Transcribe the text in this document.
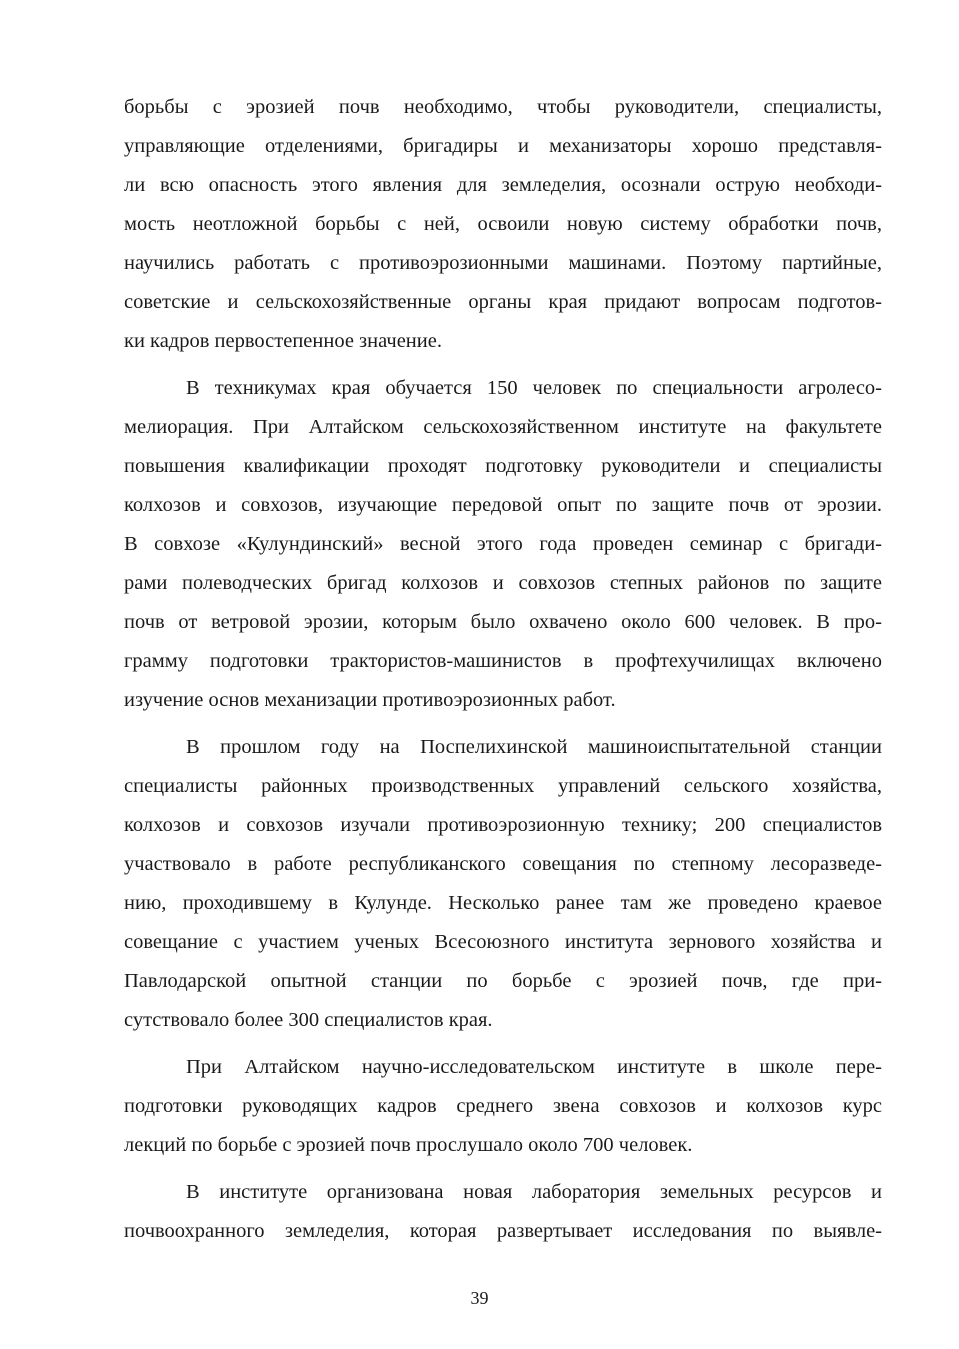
борьбы с эрозией почв необходимо, чтобы руководители, специалисты,
управляющие отделениями, бригадиры и механизаторы хорошо представля-
ли всю опасность этого явления для земледелия, осознали острую необходи-
мость неотложной борьбы с ней, освоили новую систему обработки почв,
научились работать с противоэрозионными машинами. Поэтому партийные,
советские и сельскохозяйственные органы края придают вопросам подготов-
ки кадров первостепенное значение.
В техникумах края обучается 150 человек по специальности агролесо-
мелиорация. При Алтайском сельскохозяйственном институте на факультете
повышения квалификации проходят подготовку руководители и специалисты
колхозов и совхозов, изучающие передовой опыт по защите почв от эрозии.
В совхозе «Кулундинский» весной этого года проведен семинар с бригади-
рами полеводческих бригад колхозов и совхозов степных районов по защите
почв от ветровой эрозии, которым было охвачено около 600 человек. В про-
грамму подготовки трактористов-машинистов в профтехучилищах включено
изучение основ механизации противоэрозионных работ.
В прошлом году на Поспелихинской машиноиспытательной станции
специалисты районных производственных управлений сельского хозяйства,
колхозов и совхозов изучали противоэрозионную технику; 200 специалистов
участвовало в работе республиканского совещания по степному лесоразведе-
нию, проходившему в Кулунде. Несколько ранее там же проведено краевое
совещание с участием ученых Всесоюзного института зернового хозяйства и
Павлодарской опытной станции по борьбе с эрозией почв, где при-
сутствовало более 300 специалистов края.
При Алтайском научно-исследовательском институте в школе пере-
подготовки руководящих кадров среднего звена совхозов и колхозов курс
лекций по борьбе с эрозией почв прослушало около 700 человек.
В институте организована новая лаборатория земельных ресурсов и
почвоохранного земледелия, которая развертывает исследования по выявле-
39
